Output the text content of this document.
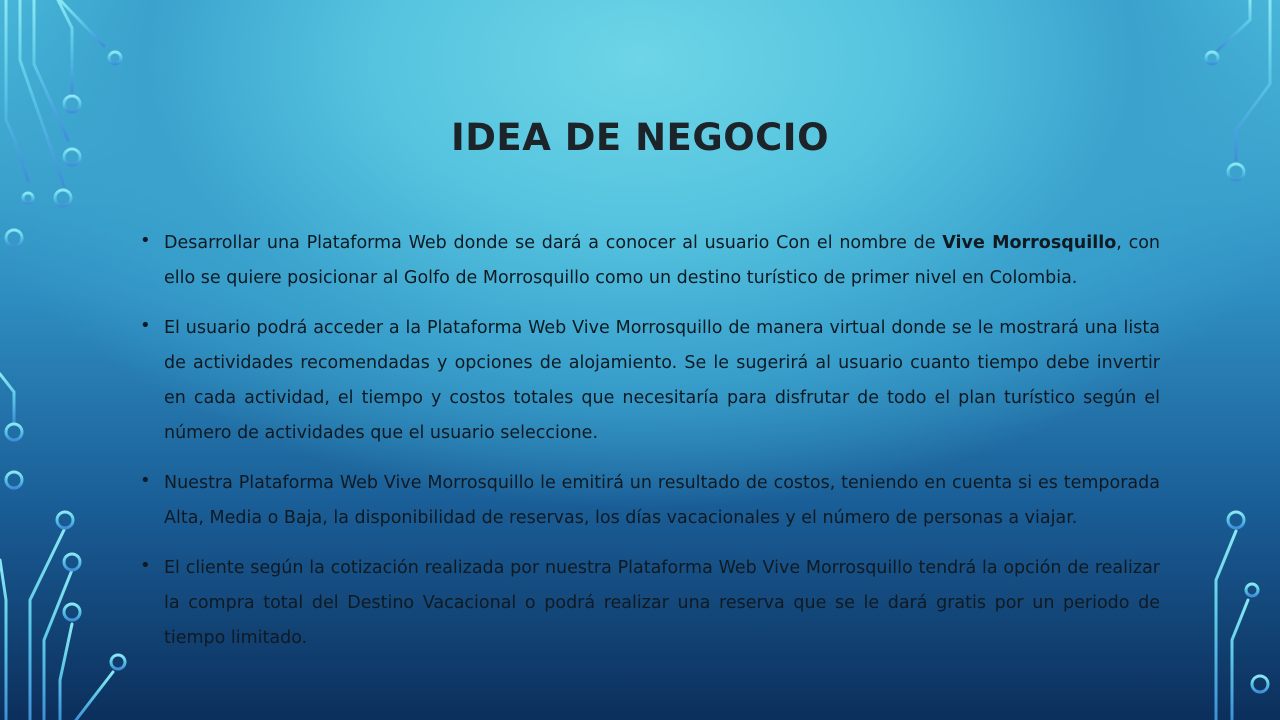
IDEA DE NEGOCIO
• Desarrollar una Plataforma Web donde se dará a conocer al usuario Con el nombre de Vive Morrosquillo, con ello se quiere posicionar al Golfo de Morrosquillo como un destino turístico de primer nivel en Colombia.
• El usuario podrá acceder a la Plataforma Web Vive Morrosquillo de manera virtual donde se le mostrará una lista de actividades recomendadas y opciones de alojamiento. Se le sugerirá al usuario cuanto tiempo debe invertir en cada actividad, el tiempo y costos totales que necesitaría para disfrutar de todo el plan turístico según el número de actividades que el usuario seleccione.
• Nuestra Plataforma Web Vive Morrosquillo le emitirá un resultado de costos, teniendo en cuenta si es temporada Alta, Media o Baja, la disponibilidad de reservas, los días vacacionales y el número de personas a viajar.
• El cliente según la cotización realizada por nuestra Plataforma Web Vive Morrosquillo tendrá la opción de realizar la compra total del Destino Vacacional o podrá realizar una reserva que se le dará gratis por un periodo de tiempo limitado.
